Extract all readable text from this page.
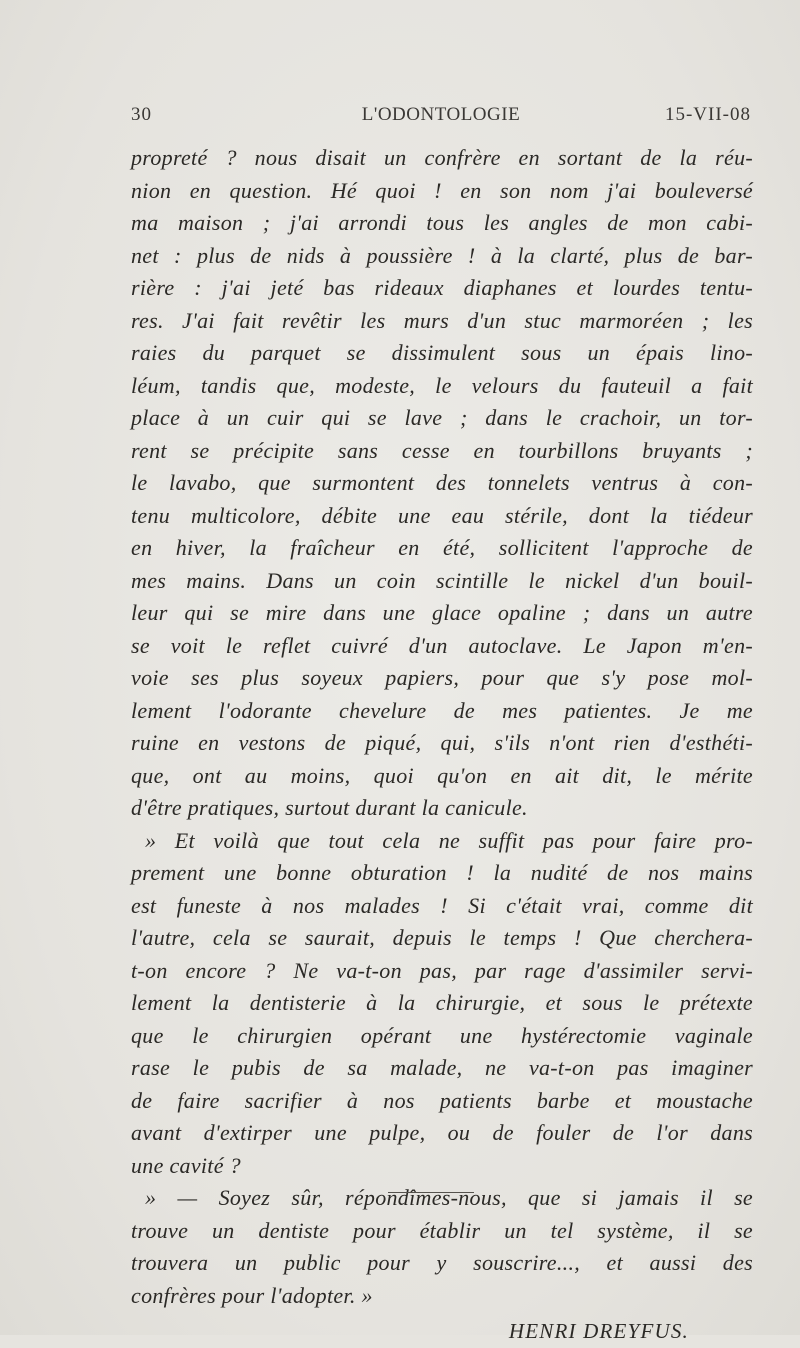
30	L'ODONTOLOGIE	15-VII-08
propreté ? nous disait un confrère en sortant de la réu-
nion en question. Hé quoi ! en son nom j'ai bouleversé
ma maison ; j'ai arrondi tous les angles de mon cabi-
net : plus de nids à poussière ! à la clarté, plus de bar-
rière : j'ai jeté bas rideaux diaphanes et lourdes tentu-
res. J'ai fait revêtir les murs d'un stuc marmoréen ; les
raies du parquet se dissimulent sous un épais lino-
léum, tandis que, modeste, le velours du fauteuil a fait
place à un cuir qui se lave ; dans le crachoir, un tor-
rent se précipite sans cesse en tourbillons bruyants ;
le lavabo, que surmontent des tonnelets ventrus à con-
tenu multicolore, débite une eau stérile, dont la tiédeur
en hiver, la fraîcheur en été, sollicitent l'approche de
mes mains. Dans un coin scintille le nickel d'un bouil-
leur qui se mire dans une glace opaline ; dans un autre
se voit le reflet cuivré d'un autoclave. Le Japon m'en-
voie ses plus soyeux papiers, pour que s'y pose mol-
lement l'odorante chevelure de mes patientes. Je me
ruine en vestons de piqué, qui, s'ils n'ont rien d'esthéti-
que, ont au moins, quoi qu'on en ait dit, le mérite
d'être pratiques, surtout durant la canicule.
» Et voilà que tout cela ne suffit pas pour faire pro-
prement une bonne obturation ! la nudité de nos mains
est funeste à nos malades ! Si c'était vrai, comme dit
l'autre, cela se saurait, depuis le temps ! Que cherchera-
t-on encore ? Ne va-t-on pas, par rage d'assimiler servi-
lement la dentisterie à la chirurgie, et sous le prétexte
que le chirurgien opérant une hystérectomie vaginale
rase le pubis de sa malade, ne va-t-on pas imaginer
de faire sacrifier à nos patients barbe et moustache
avant d'extirper une pulpe, ou de fouler de l'or dans
une cavité ?
» — Soyez sûr, répondîmes-nous, que si jamais il se
trouve un dentiste pour établir un tel système, il se
trouvera un public pour y souscrire..., et aussi des
confrères pour l'adopter. »
HENRI DREYFUS.
